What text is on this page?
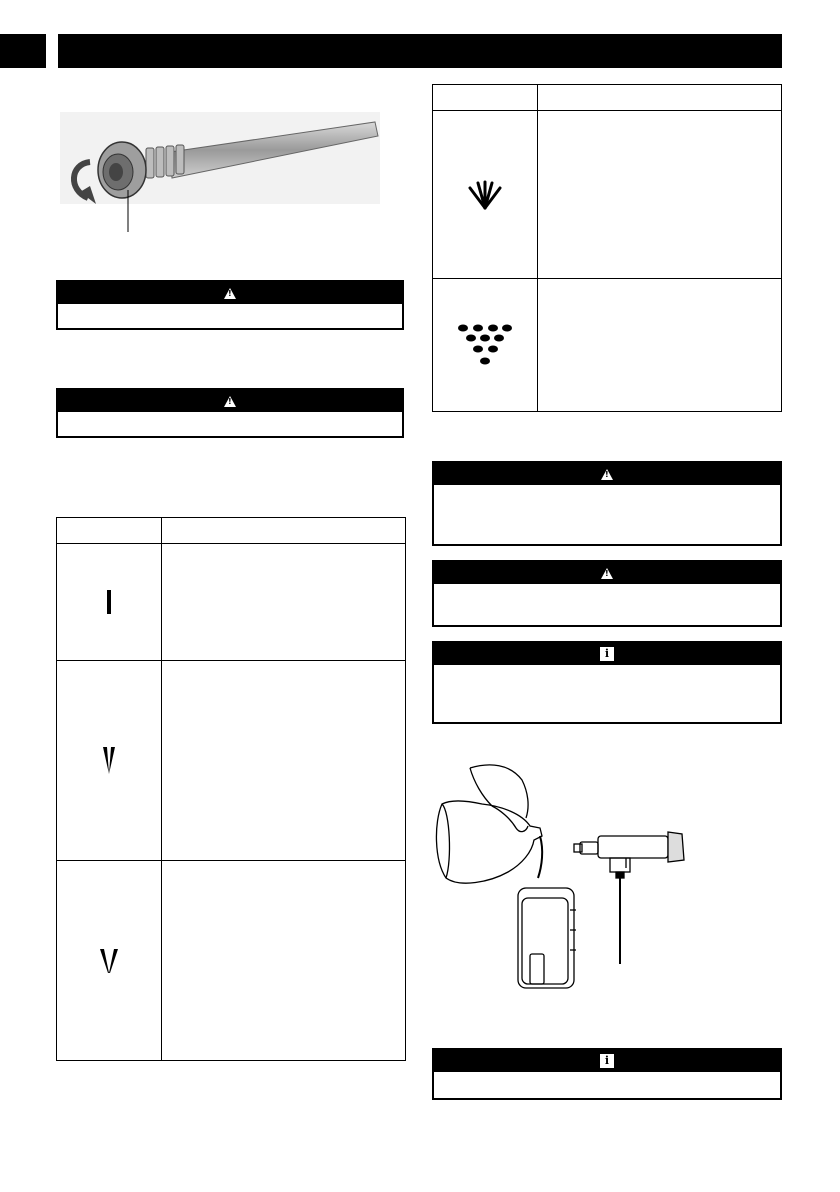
!
!
!
!
i
i
